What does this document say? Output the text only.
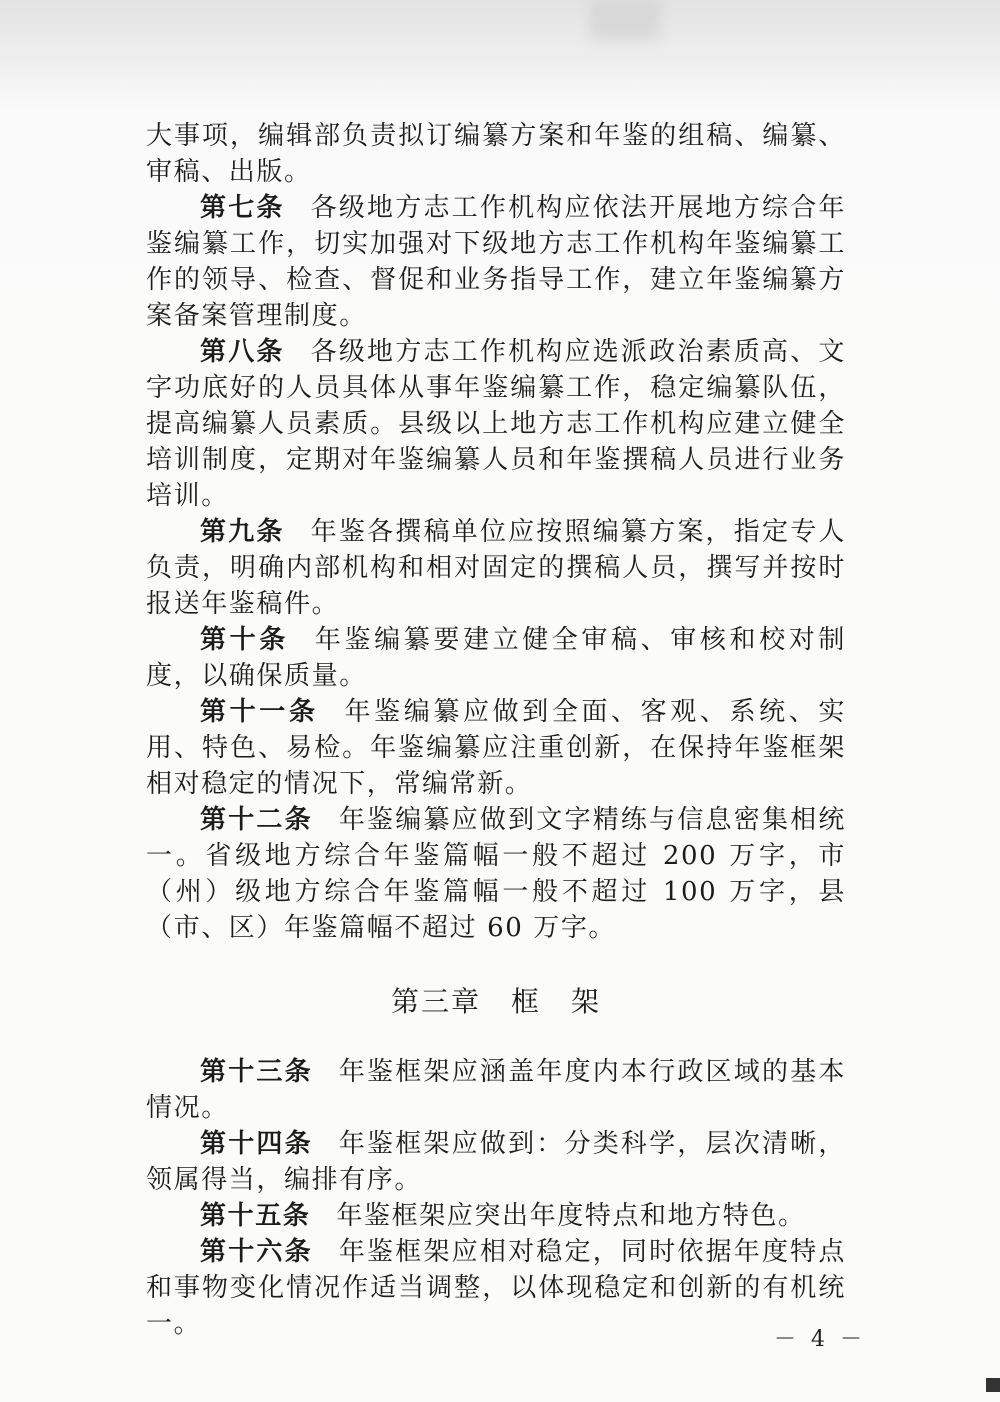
大事项，编辑部负责拟订编纂方案和年鉴的组稿、编纂、审稿、出版。

第七条 各级地方志工作机构应依法开展地方综合年鉴编纂工作，切实加强对下级地方志工作机构年鉴编纂工作的领导、检查、督促和业务指导工作，建立年鉴编纂方案备案管理制度。

第八条 各级地方志工作机构应选派政治素质高、文字功底好的人员具体从事年鉴编纂工作，稳定编纂队伍，提高编纂人员素质。县级以上地方志工作机构应建立健全培训制度，定期对年鉴编纂人员和年鉴撰稿人员进行业务培训。

第九条 年鉴各撰稿单位应按照编纂方案，指定专人负责，明确内部机构和相对固定的撰稿人员，撰写并按时报送年鉴稿件。

第十条 年鉴编纂要建立健全审稿、审核和校对制度，以确保质量。

第十一条 年鉴编纂应做到全面、客观、系统、实用、特色、易检。年鉴编纂应注重创新，在保持年鉴框架相对稳定的情况下，常编常新。

第十二条 年鉴编纂应做到文字精练与信息密集相统一。省级地方综合年鉴篇幅一般不超过 200 万字，市（州）级地方综合年鉴篇幅一般不超过 100 万字，县（市、区）年鉴篇幅不超过 60 万字。

第三章　框　架

第十三条 年鉴框架应涵盖年度内本行政区域的基本情况。

第十四条 年鉴框架应做到：分类科学，层次清晰，领属得当，编排有序。

第十五条 年鉴框架应突出年度特点和地方特色。

第十六条 年鉴框架应相对稳定，同时依据年度特点和事物变化情况作适当调整，以体现稳定和创新的有机统一。

－ 4 －
